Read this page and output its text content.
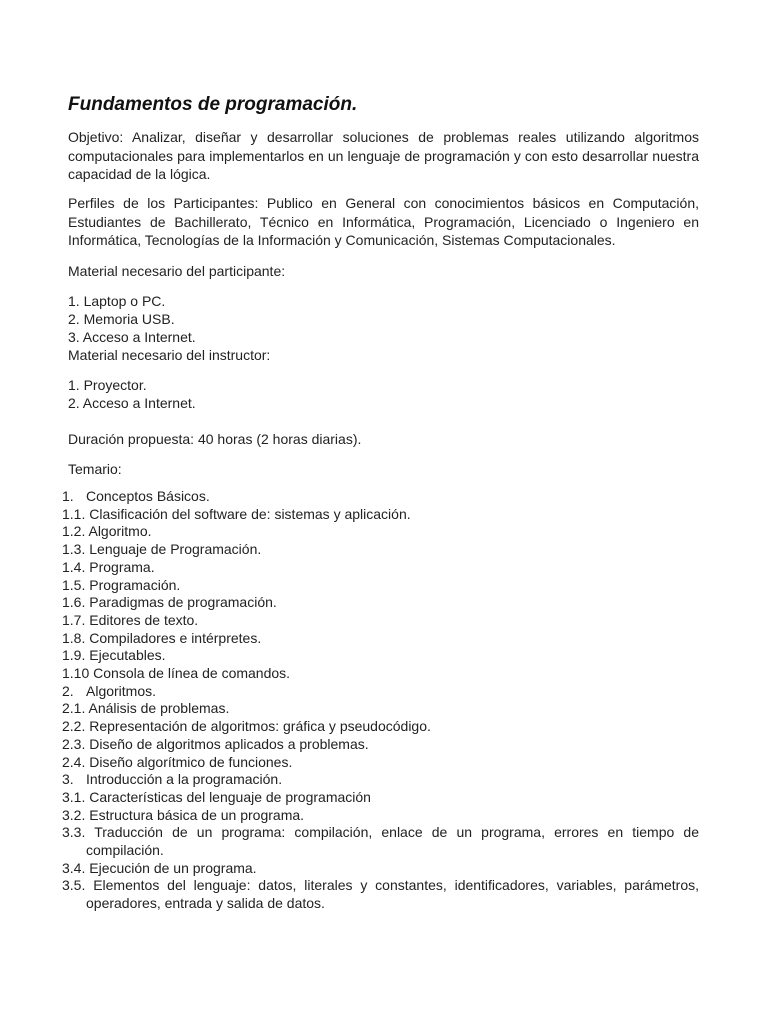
Fundamentos de programación.

Objetivo: Analizar, diseñar y desarrollar soluciones de problemas reales utilizando algoritmos computacionales para implementarlos en un lenguaje de programación y con esto desarrollar nuestra capacidad de la lógica.

Perfiles de los Participantes: Publico en General con conocimientos básicos en Computación, Estudiantes de Bachillerato, Técnico en Informática, Programación, Licenciado o Ingeniero en Informática, Tecnologías de la Información y Comunicación, Sistemas Computacionales.

Material necesario del participante:

1. Laptop o PC.

2. Memoria USB.

3. Acceso a Internet.

Material necesario del instructor:

1. Proyector.

2. Acceso a Internet.

Duración propuesta: 40 horas (2 horas diarias).

Temario:

1. Conceptos Básicos.
1.1. Clasificación del software de: sistemas y aplicación.
1.2. Algoritmo.
1.3. Lenguaje de Programación.
1.4. Programa.
1.5. Programación.
1.6. Paradigmas de programación.
1.7. Editores de texto.
1.8. Compiladores e intérpretes.
1.9. Ejecutables.
1.10 Consola de línea de comandos.
2. Algoritmos.
2.1. Análisis de problemas.
2.2. Representación de algoritmos: gráfica y pseudocódigo.
2.3. Diseño de algoritmos aplicados a problemas.
2.4. Diseño algorítmico de funciones.
3. Introducción a la programación.
3.1. Características del lenguaje de programación
3.2. Estructura básica de un programa.
3.3. Traducción de un programa: compilación, enlace de un programa, errores en tiempo de compilación.
3.4. Ejecución de un programa.
3.5. Elementos del lenguaje: datos, literales y constantes, identificadores, variables, parámetros, operadores, entrada y salida de datos.
